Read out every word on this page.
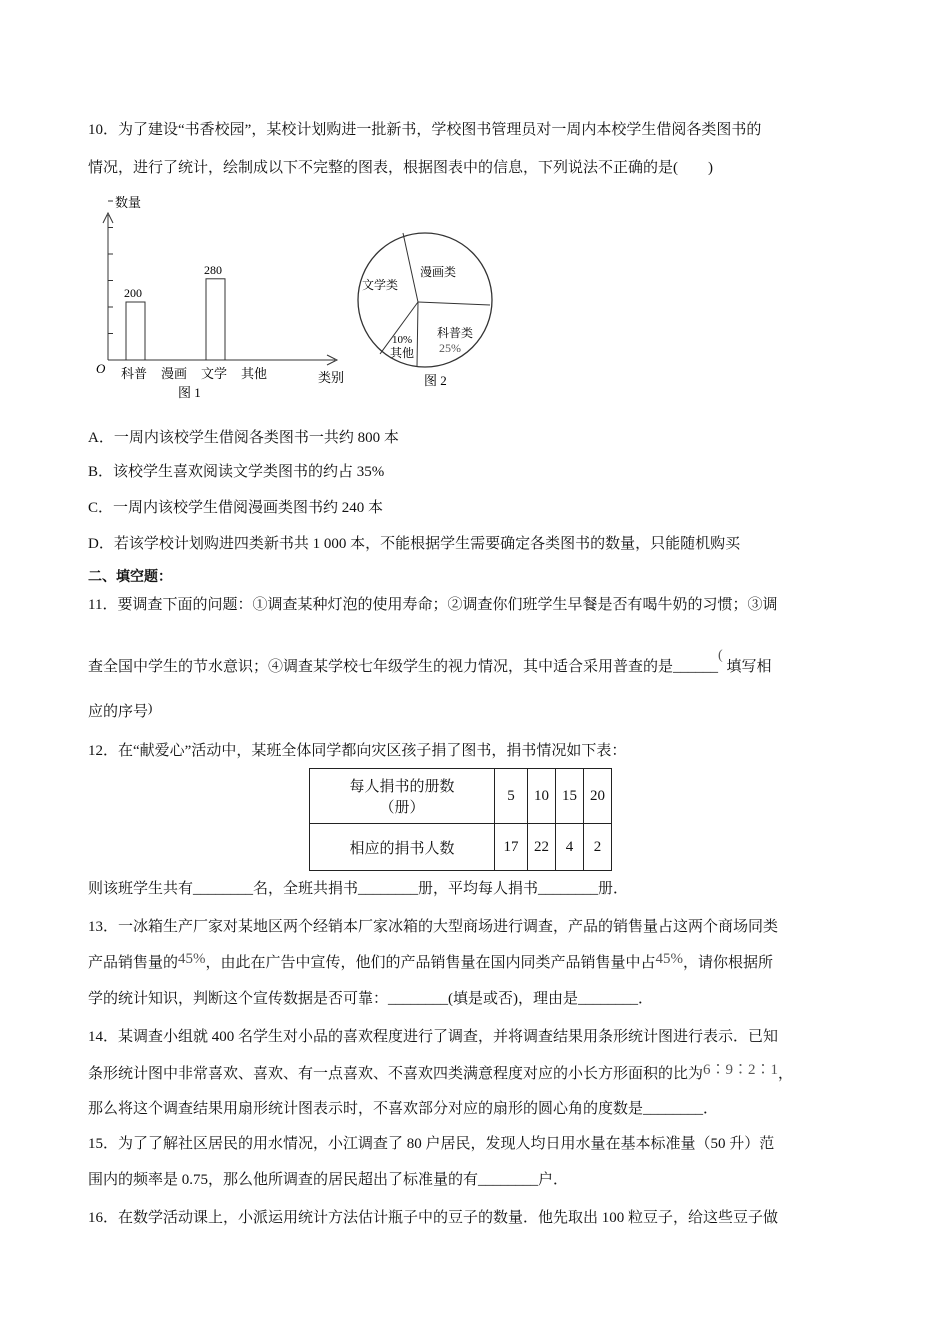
10．为了建设“书香校园”，某校计划购进一批新书，学校图书管理员对一周内本校学生借阅各类图书的
情况，进行了统计，绘制成以下不完整的图表，根据图表中的信息，下列说法不正确的是(　　)
科普
200
漫画 文学
280
其他
数量
O
类别
图 1
文学类
漫画类
科普类
25%
10%
其他
图 2
A．一周内该校学生借阅各类图书一共约 800 本
B．该校学生喜欢阅读文学类图书的约占 35%
C．一周内该校学生借阅漫画类图书约 240 本
D．若该学校计划购进四类新书共 1 000 本，不能根据学生需要确定各类图书的数量，只能随机购买
二、填空题：
11．要调查下面的问题：①调查某种灯泡的使用寿命；②调查你们班学生早餐是否有喝牛奶的习惯；③调
查全国中学生的节水意识；④调查某学校七年级学生的视力情况，其中适合采用普查的是______( 填写相
应的序号)
12．在“献爱心”活动中，某班全体同学都向灾区孩子捐了图书，捐书情况如下表：
每人捐书的册数
（册）	5	10	15	20
相应的捐书人数	17	22	4	2
则该班学生共有________名，全班共捐书________册，平均每人捐书________册．
13．一冰箱生产厂家对某地区两个经销本厂家冰箱的大型商场进行调查，产品的销售量占这两个商场同类
产品销售量的45%，由此在广告中宣传，他们的产品销售量在国内同类产品销售量中占45%，请你根据所
学的统计知识，判断这个宣传数据是否可靠：________(填是或否)，理由是________．
14．某调查小组就 400 名学生对小品的喜欢程度进行了调查，并将调查结果用条形统计图进行表示．已知
条形统计图中非常喜欢、喜欢、有一点喜欢、不喜欢四类满意程度对应的小长方形面积的比为6∶9∶2∶1，
那么将这个调查结果用扇形统计图表示时，不喜欢部分对应的扇形的圆心角的度数是________．
15．为了了解社区居民的用水情况，小江调查了 80 户居民，发现人均日用水量在基本标准量（50 升）范
围内的频率是 0.75，那么他所调查的居民超出了标准量的有________户．
16．在数学活动课上，小派运用统计方法估计瓶子中的豆子的数量．他先取出 100 粒豆子，给这些豆子做
